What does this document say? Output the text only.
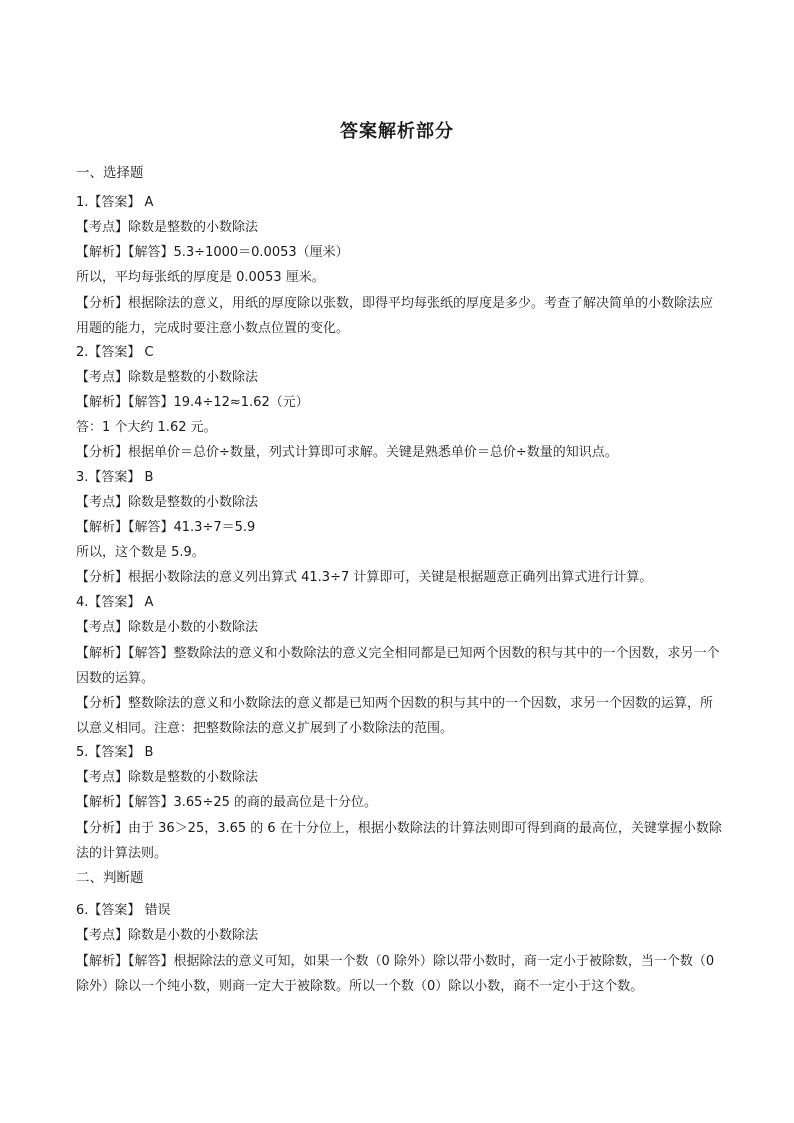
答案解析部分
一、选择题
1.【答案】 A
【考点】除数是整数的小数除法
【解析】【解答】5.3÷1000＝0.0053（厘米）
所以，平均每张纸的厚度是 0.0053 厘米。
【分析】根据除法的意义，用纸的厚度除以张数，即得平均每张纸的厚度是多少。考查了解决简单的小数除法应用题的能力，完成时要注意小数点位置的变化。
2.【答案】 C
【考点】除数是整数的小数除法
【解析】【解答】19.4÷12≈1.62（元）
答：1 个大约 1.62 元。
【分析】根据单价＝总价÷数量，列式计算即可求解。关键是熟悉单价＝总价÷数量的知识点。
3.【答案】 B
【考点】除数是整数的小数除法
【解析】【解答】41.3÷7＝5.9
所以，这个数是 5.9。
【分析】根据小数除法的意义列出算式 41.3÷7 计算即可，关键是根据题意正确列出算式进行计算。
4.【答案】 A
【考点】除数是小数的小数除法
【解析】【解答】整数除法的意义和小数除法的意义完全相同都是已知两个因数的积与其中的一个因数，求另一个因数的运算。
【分析】整数除法的意义和小数除法的意义都是已知两个因数的积与其中的一个因数，求另一个因数的运算，所以意义相同。注意：把整数除法的意义扩展到了小数除法的范围。
5.【答案】 B
【考点】除数是整数的小数除法
【解析】【解答】3.65÷25 的商的最高位是十分位。
【分析】由于 36＞25，3.65 的 6 在十分位上，根据小数除法的计算法则即可得到商的最高位，关键掌握小数除法的计算法则。
二、判断题
6.【答案】 错误
【考点】除数是小数的小数除法
【解析】【解答】根据除法的意义可知，如果一个数（0 除外）除以带小数时，商一定小于被除数，当一个数（0 除外）除以一个纯小数，则商一定大于被除数。所以一个数（0）除以小数，商不一定小于这个数。
